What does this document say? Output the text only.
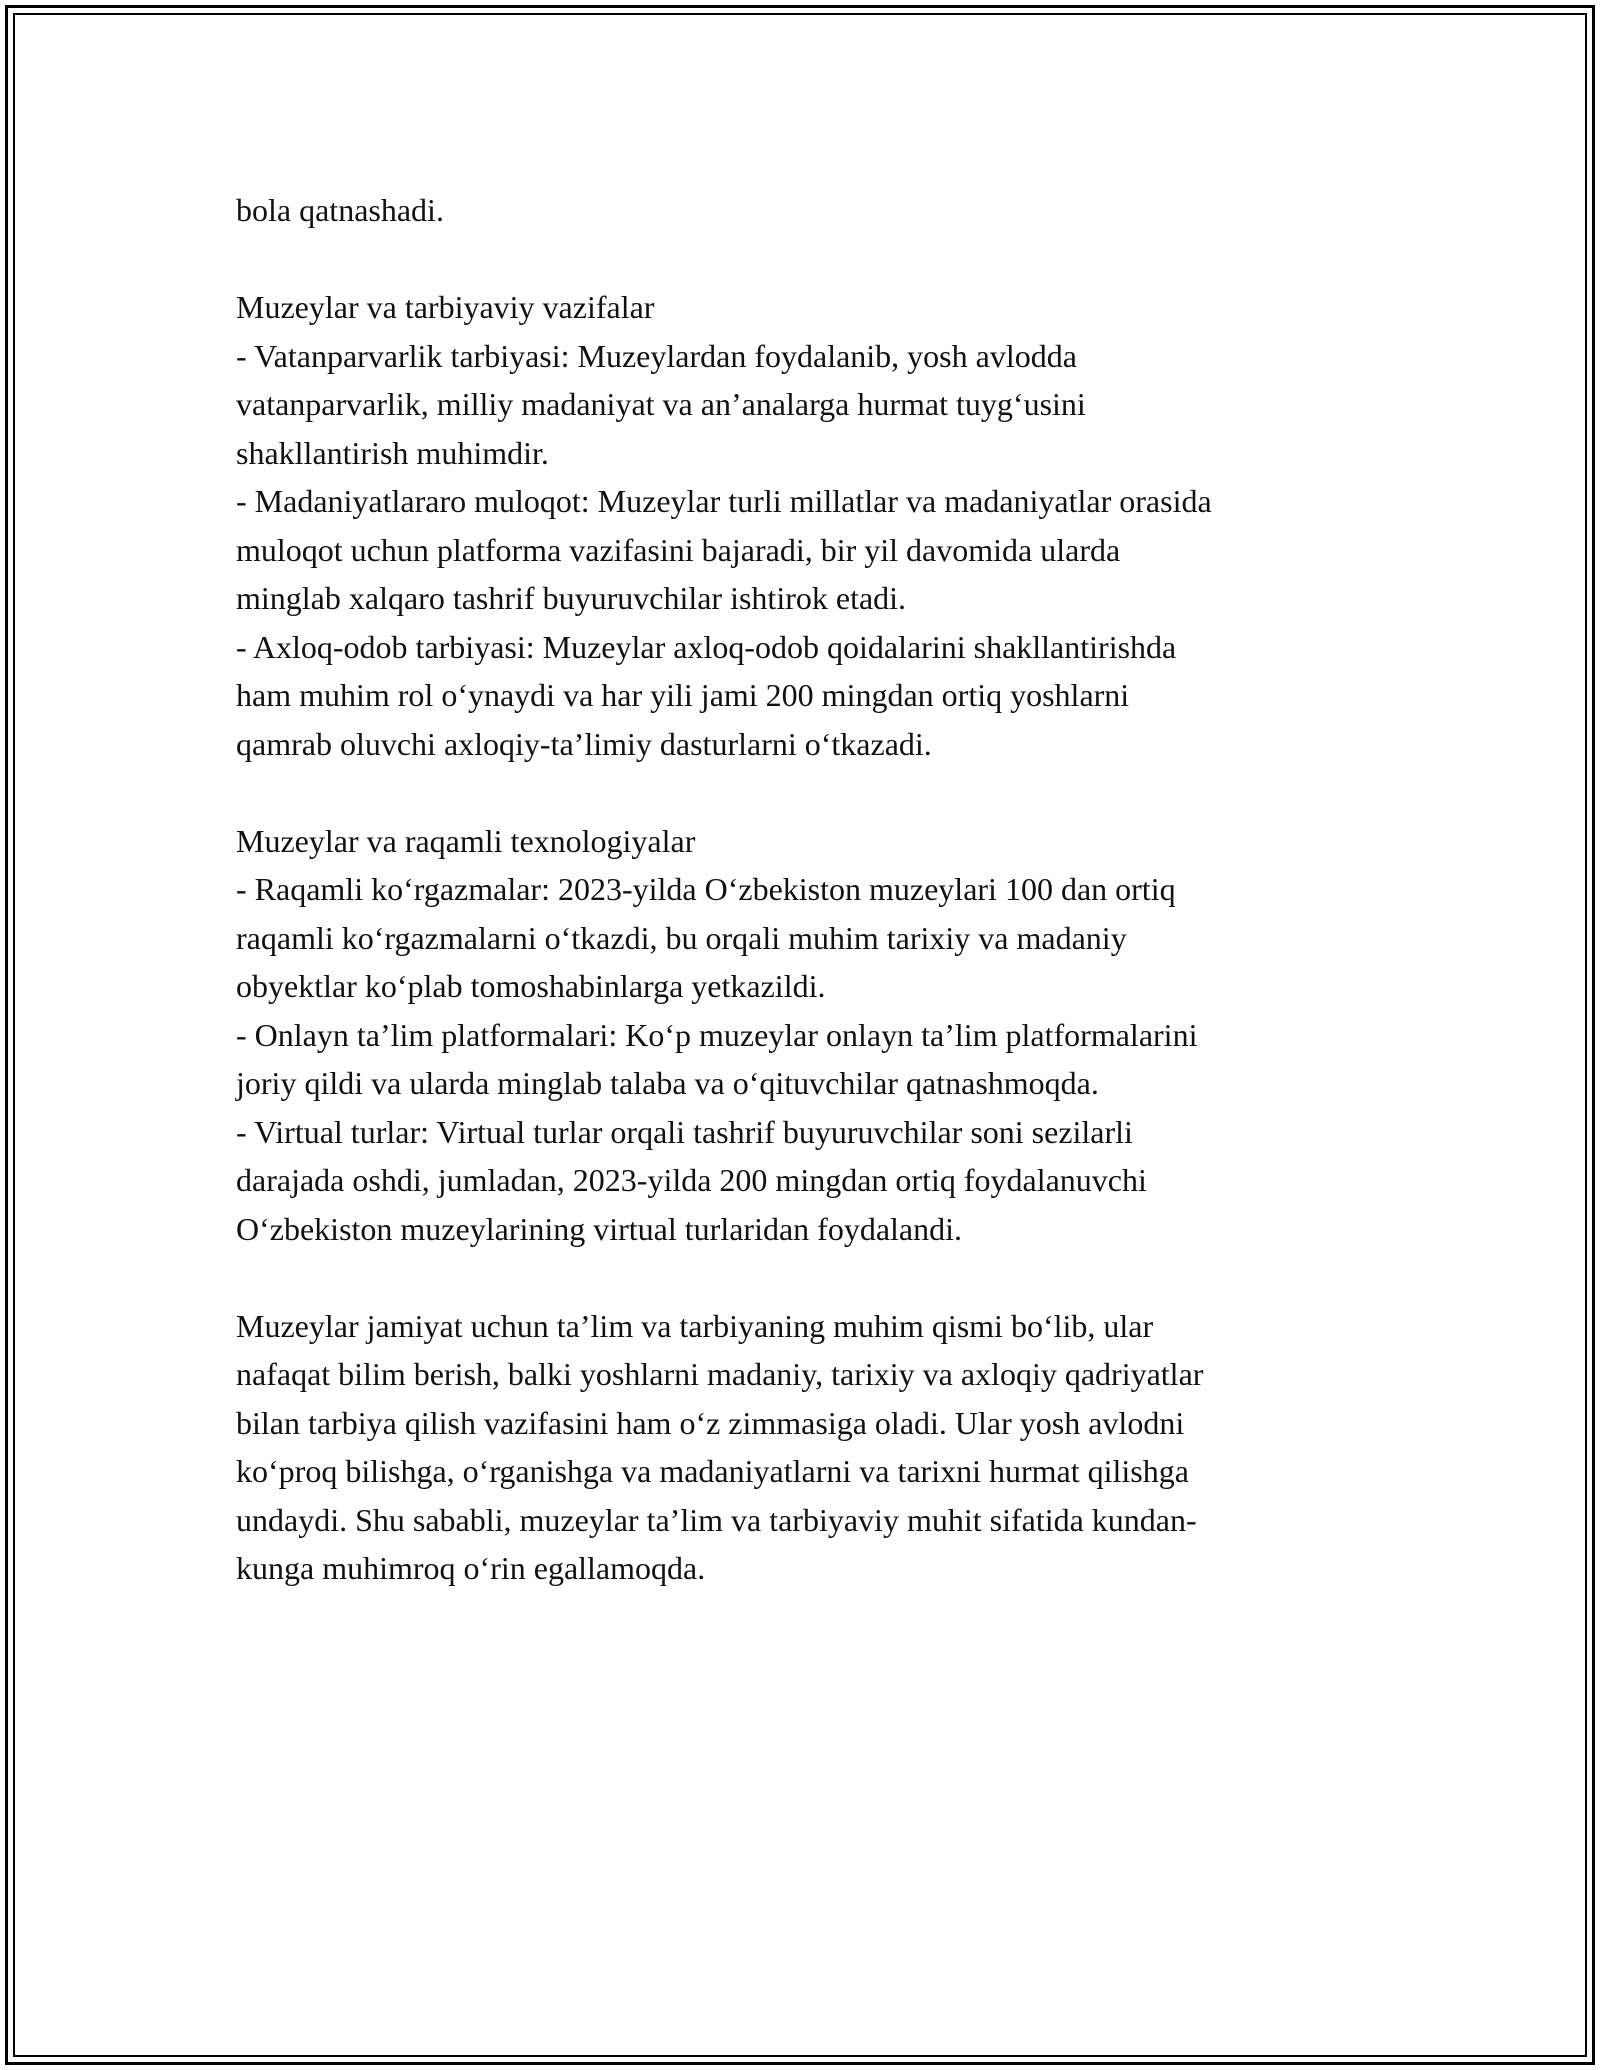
bola qatnashadi.
Muzeylar va tarbiyaviy vazifalar
- Vatanparvarlik tarbiyasi: Muzeylardan foydalanib, yosh avlodda
vatanparvarlik, milliy madaniyat va an’analarga hurmat tuyg‘usini
shakllantirish muhimdir.
- Madaniyatlararo muloqot: Muzeylar turli millatlar va madaniyatlar orasida
muloqot uchun platforma vazifasini bajaradi, bir yil davomida ularda
minglab xalqaro tashrif buyuruvchilar ishtirok etadi.
- Axloq-odob tarbiyasi: Muzeylar axloq-odob qoidalarini shakllantirishda
ham muhim rol o‘ynaydi va har yili jami 200 mingdan ortiq yoshlarni
qamrab oluvchi axloqiy-ta’limiy dasturlarni o‘tkazadi.
Muzeylar va raqamli texnologiyalar
- Raqamli ko‘rgazmalar: 2023-yilda O‘zbekiston muzeylari 100 dan ortiq
raqamli ko‘rgazmalarni o‘tkazdi, bu orqali muhim tarixiy va madaniy
obyektlar ko‘plab tomoshabinlarga yetkazildi.
- Onlayn ta’lim platformalari: Ko‘p muzeylar onlayn ta’lim platformalarini
joriy qildi va ularda minglab talaba va o‘qituvchilar qatnashmoqda.
- Virtual turlar: Virtual turlar orqali tashrif buyuruvchilar soni sezilarli
darajada oshdi, jumladan, 2023-yilda 200 mingdan ortiq foydalanuvchi
O‘zbekiston muzeylarining virtual turlaridan foydalandi.
Muzeylar jamiyat uchun ta’lim va tarbiyaning muhim qismi bo‘lib, ular
nafaqat bilim berish, balki yoshlarni madaniy, tarixiy va axloqiy qadriyatlar
bilan tarbiya qilish vazifasini ham o‘z zimmasiga oladi. Ular yosh avlodni
ko‘proq bilishga, o‘rganishga va madaniyatlarni va tarixni hurmat qilishga
undaydi. Shu sababli, muzeylar ta’lim va tarbiyaviy muhit sifatida kundan-
kunga muhimroq o‘rin egallamoqda.
